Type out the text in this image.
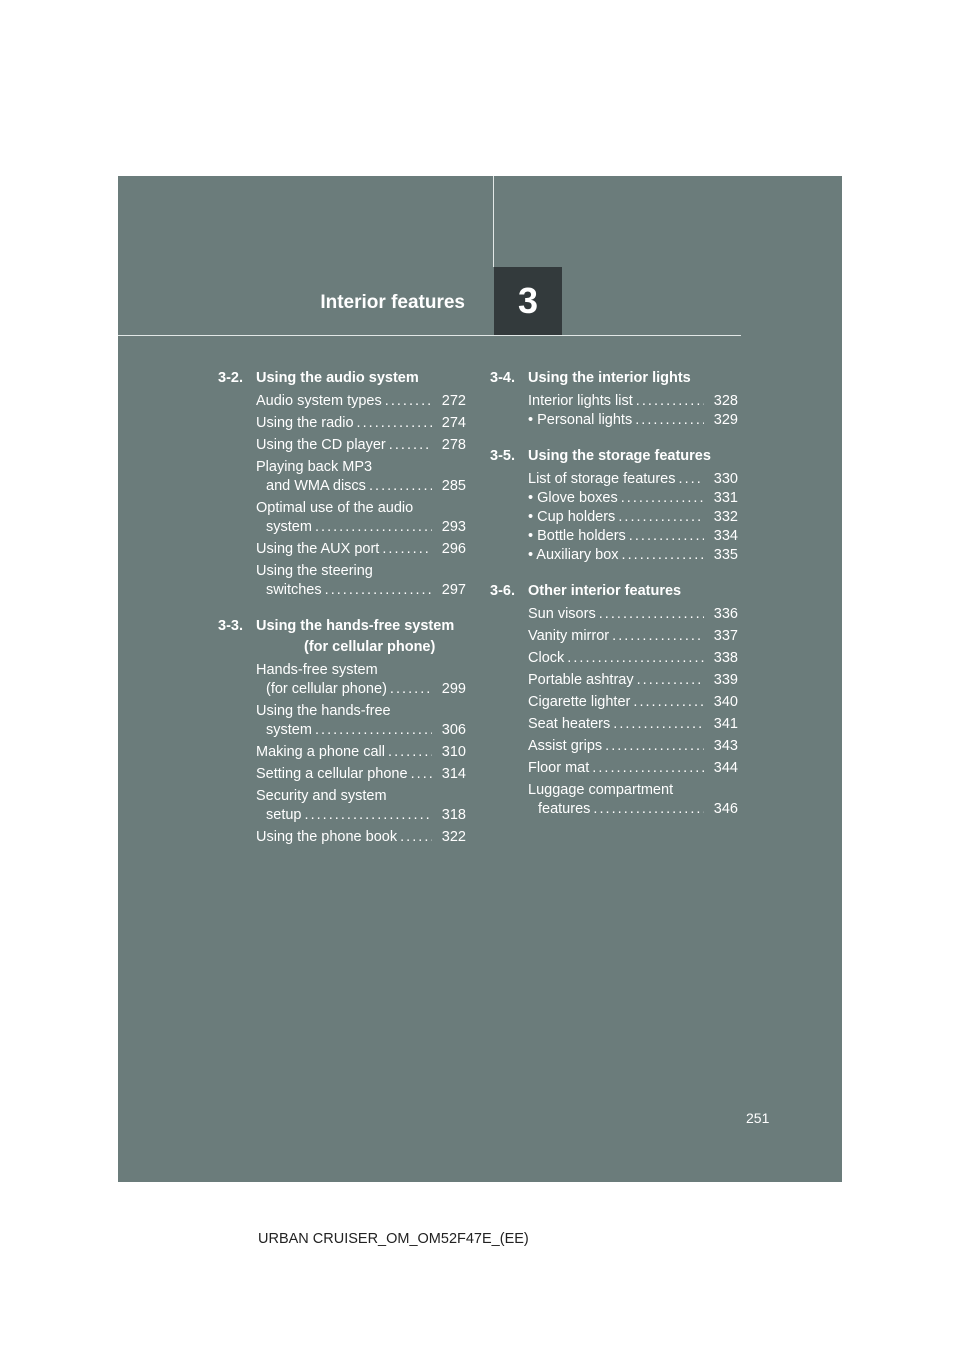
Interior features 3
3-2. Using the audio system
Audio system types . . .	272
Using the radio . . .	274
Using the CD player . . .	278
Playing back MP3
and WMA discs . . .	285
Optimal use of the audio
system . . .	293
Using the AUX port . . .	296
Using the steering
switches . . .	297
3-3. Using the hands-free system
(for cellular phone)
Hands-free system
(for cellular phone) . . .	299
Using the hands-free
system . . .	306
Making a phone call . . .	310
Setting a cellular phone . . .	314
Security and system
setup . . .	318
Using the phone book . . .	322
3-4. Using the interior lights
Interior lights list . . .	328
• Personal lights . . .	329
3-5. Using the storage features
List of storage features . . .	330
• Glove boxes . . .	331
• Cup holders . . .	332
• Bottle holders . . .	334
• Auxiliary box . . .	335
3-6. Other interior features
Sun visors . . .	336
Vanity mirror . . .	337
Clock . . .	338
Portable ashtray . . .	339
Cigarette lighter . . .	340
Seat heaters . . .	341
Assist grips . . .	343
Floor mat . . .	344
Luggage compartment
features . . .	346
251
URBAN CRUISER_OM_OM52F47E_(EE)
